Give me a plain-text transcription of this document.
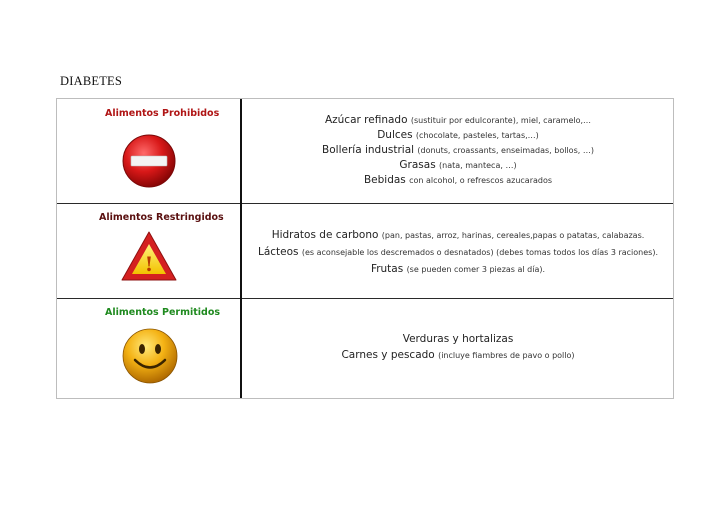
DIABETES
Alimentos Prohibidos
Azúcar refinado (sustituir por edulcorante), miel, caramelo,…
Dulces (chocolate, pasteles, tartas,…)
Bollería industrial (donuts, croassants, enseimadas, bollos, …)
Grasas (nata, manteca, …)
Bebidas con alcohol, o refrescos azucarados
Alimentos Restringidos
!
Hidratos de carbono (pan, pastas, arroz, harinas, cereales,papas o patatas, calabazas.
Lácteos (es aconsejable los descremados o desnatados) (debes tomas todos los días 3 raciones).
Frutas (se pueden comer 3 piezas al día).
Alimentos Permitidos
Verduras y hortalizas
Carnes y pescado (incluye fiambres de pavo o pollo)
